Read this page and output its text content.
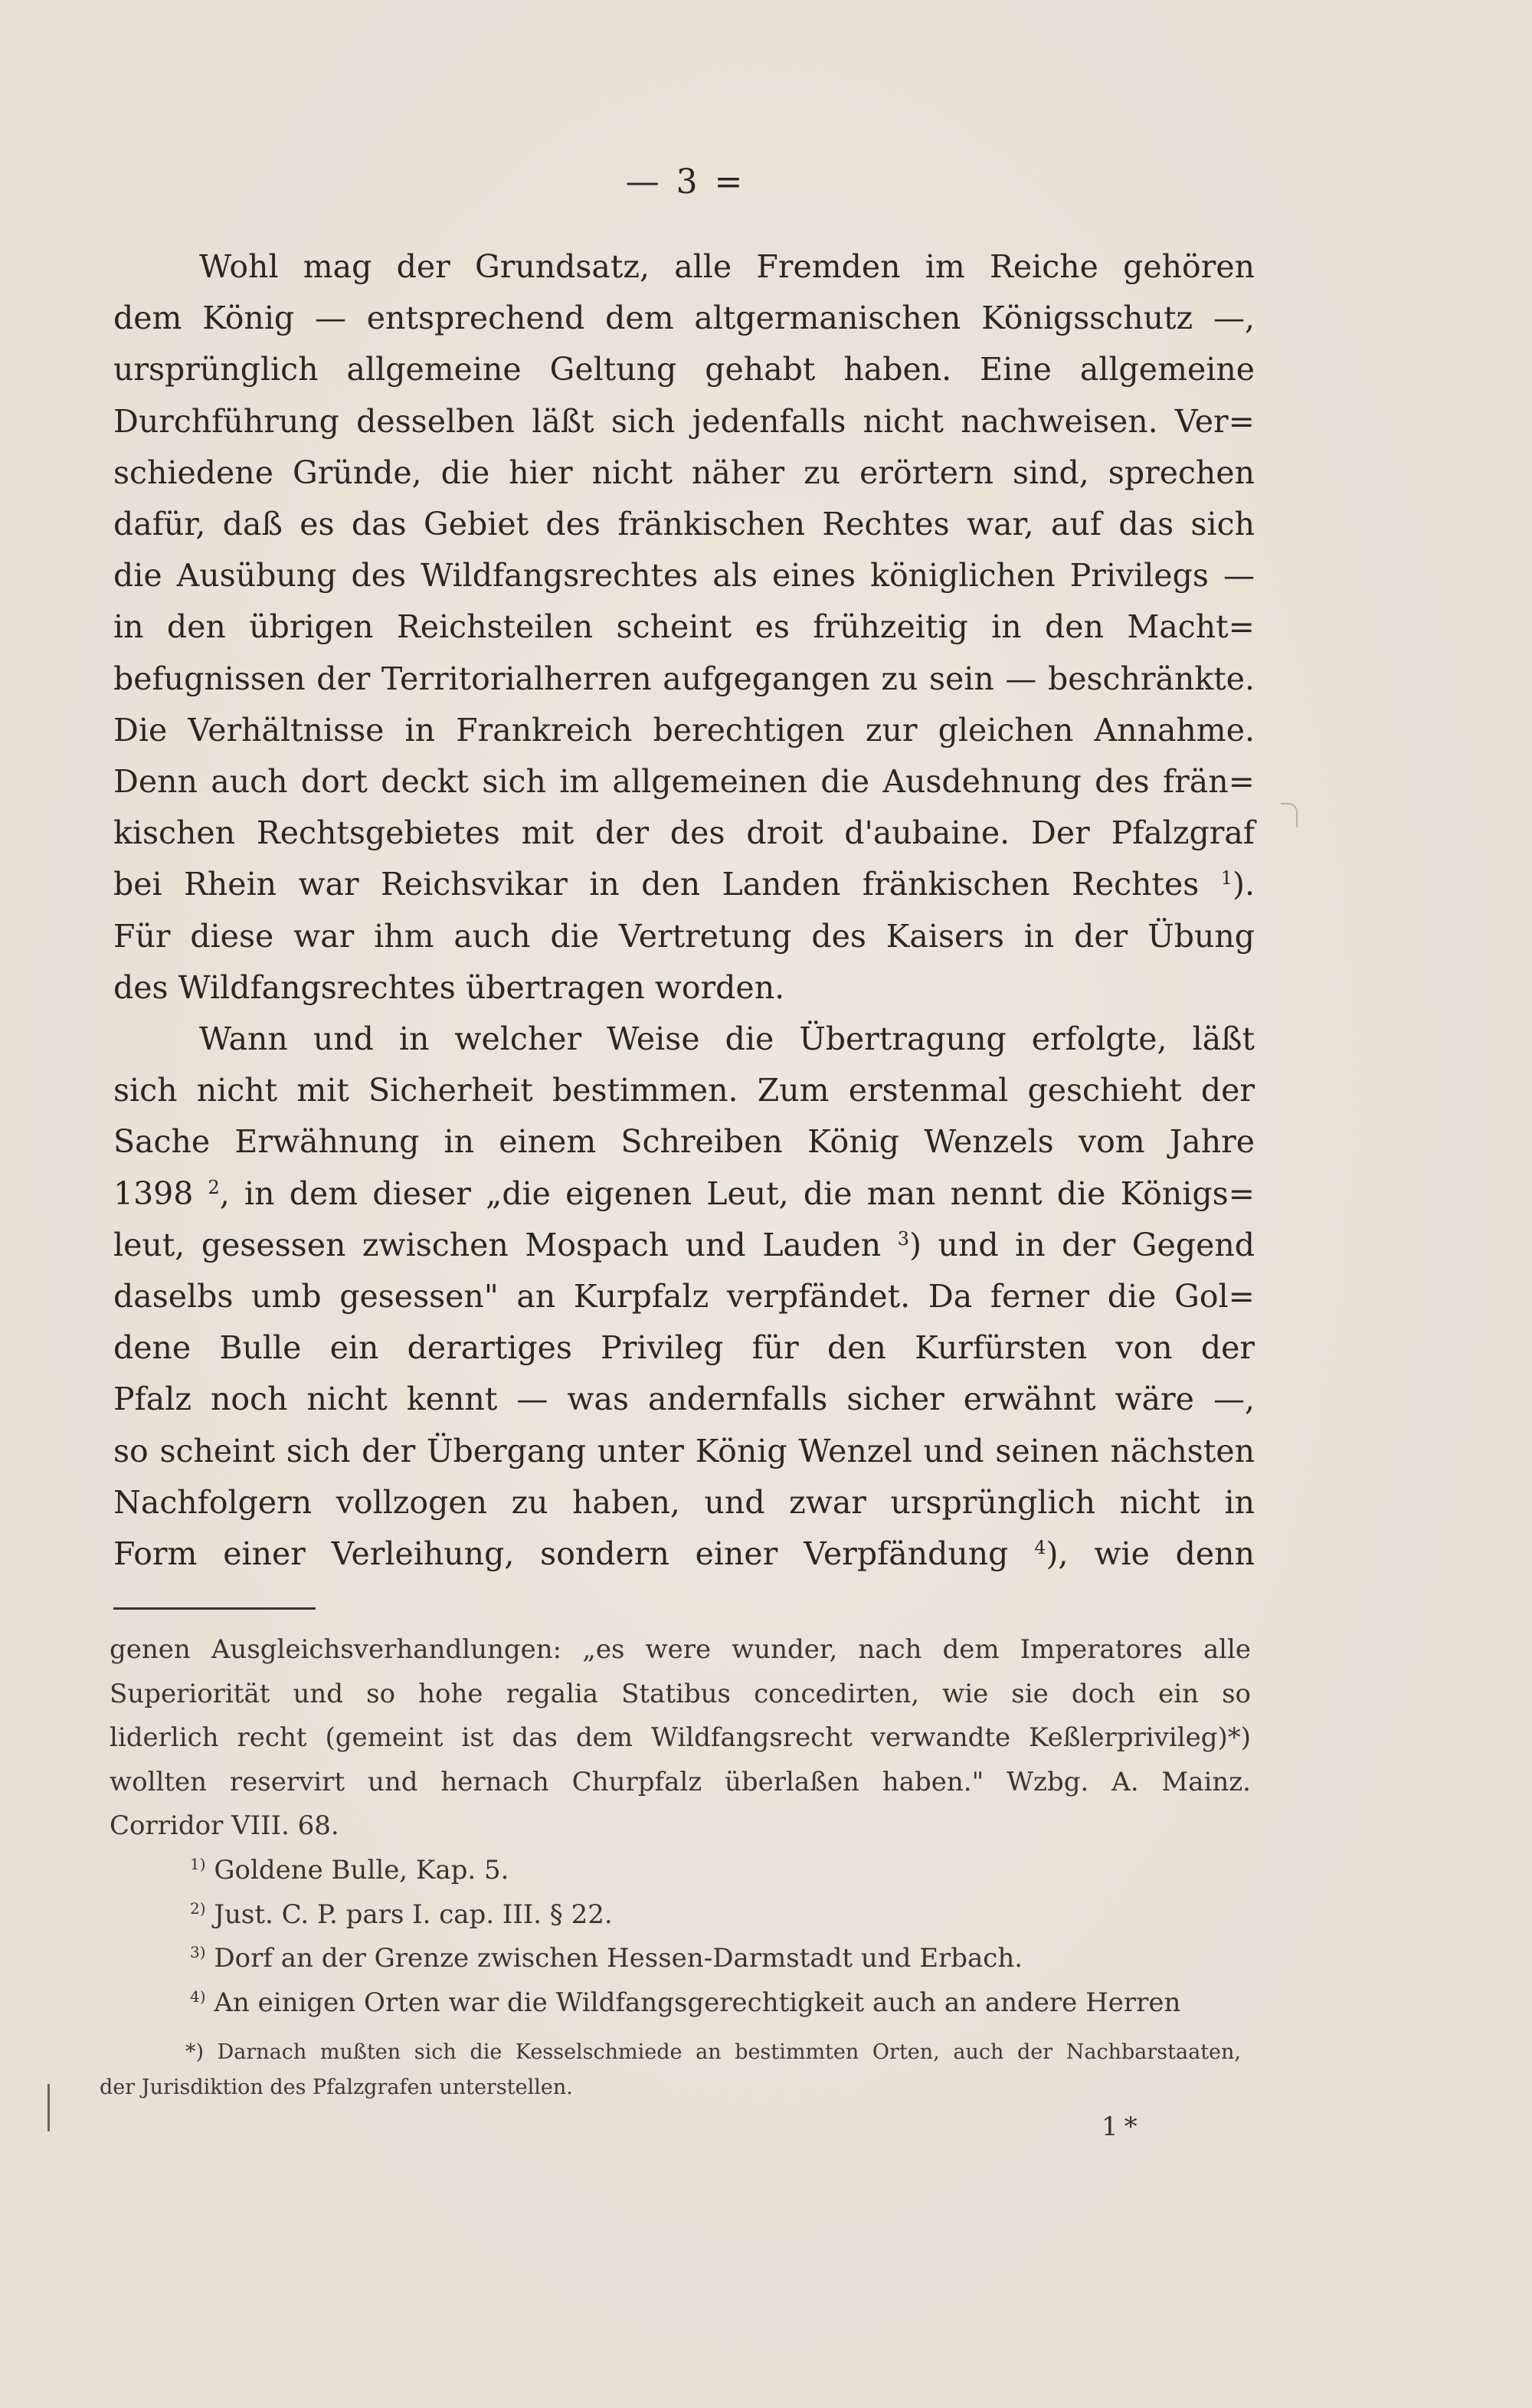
— 3 =
Wohl mag der Grundsatz, alle Fremden im Reiche gehören
dem König — entsprechend dem altgermanischen Königsschutz —,
ursprünglich allgemeine Geltung gehabt haben. Eine allgemeine
Durchführung desselben läßt sich jedenfalls nicht nachweisen. Ver=
schiedene Gründe, die hier nicht näher zu erörtern sind, sprechen
dafür, daß es das Gebiet des fränkischen Rechtes war, auf das sich
die Ausübung des Wildfangsrechtes als eines königlichen Privilegs —
in den übrigen Reichsteilen scheint es frühzeitig in den Macht=
befugnissen der Territorialherren aufgegangen zu sein — beschränkte.
Die Verhältnisse in Frankreich berechtigen zur gleichen Annahme.
Denn auch dort deckt sich im allgemeinen die Ausdehnung des frän=
kischen Rechtsgebietes mit der des droit d'aubaine. Der Pfalzgraf
bei Rhein war Reichsvikar in den Landen fränkischen Rechtes $^1$).
Für diese war ihm auch die Vertretung des Kaisers in der Übung
des Wildfangsrechtes übertragen worden.
Wann und in welcher Weise die Übertragung erfolgte, läßt
sich nicht mit Sicherheit bestimmen. Zum erstenmal geschieht der
Sache Erwähnung in einem Schreiben König Wenzels vom Jahre
1398 $^2$, in dem dieser „die eigenen Leut, die man nennt die Königs=
leut, gesessen zwischen Mospach und Lauden $^3$) und in der Gegend
daselbs umb gesessen" an Kurpfalz verpfändet. Da ferner die Gol=
dene Bulle ein derartiges Privileg für den Kurfürsten von der
Pfalz noch nicht kennt — was andernfalls sicher erwähnt wäre —,
so scheint sich der Übergang unter König Wenzel und seinen nächsten
Nachfolgern vollzogen zu haben, und zwar ursprünglich nicht in
Form einer Verleihung, sondern einer Verpfändung $^4$), wie denn
genen Ausgleichsverhandlungen: „es were wunder, nach dem Imperatores alle
Superiorität und so hohe regalia Statibus concedirten, wie sie doch ein so
liderlich recht (gemeint ist das dem Wildfangsrecht verwandte Keßlerprivileg)*)
wollten reservirt und hernach Churpfalz überlaßen haben." Wzbg. A. Mainz.
Corridor VIII. 68.
$^{1)}$ Goldene Bulle, Kap. 5.
$^{2)}$ Just. C. P. pars I. cap. III. § 22.
$^{3)}$ Dorf an der Grenze zwischen Hessen-Darmstadt und Erbach.
$^{4)}$ An einigen Orten war die Wildfangsgerechtigkeit auch an andere Herren
*) Darnach mußten sich die Kesselschmiede an bestimmten Orten, auch der Nachbarstaaten,
der Jurisdiktion des Pfalzgrafen unterstellen.
1*
